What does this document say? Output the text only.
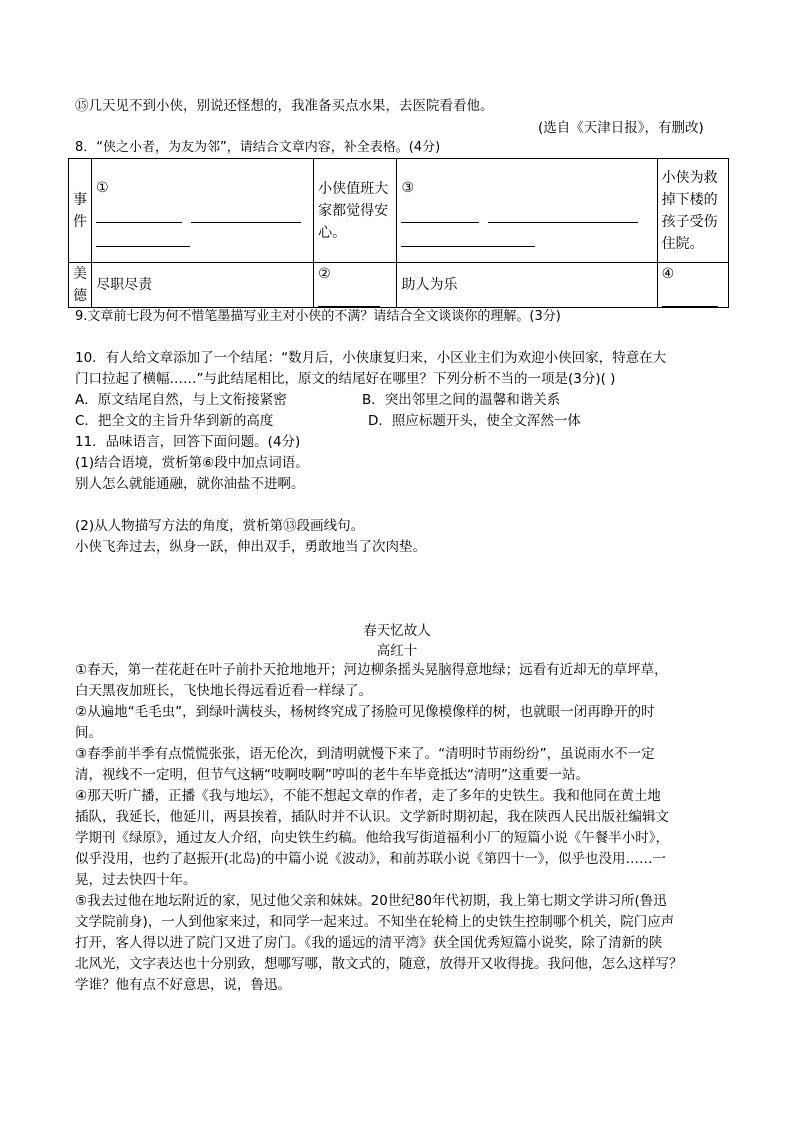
⑮几天见不到小侠，别说还怪想的，我准备买点水果，去医院看看他。
(选自《天津日报》，有删改)
8．“侠之小者，为友为邻”，请结合文章内容，补全表格。(4分)
事件	①	小侠值班大家都觉得安心。	③	小侠为救掉下楼的孩子受伤住院。
美德	尽职尽责	②	助人为乐	④
9.文章前七段为何不惜笔墨描写业主对小侠的不满？请结合全文谈谈你的理解。(3分)
10．有人给文章添加了一个结尾：“数月后，小侠康复归来，小区业主们为欢迎小侠回家，特意在大
门口拉起了横幅……”与此结尾相比，原文的结尾好在哪里？下列分析不当的一项是(3分)( )
A．原文结尾自然，与上文衔接紧密	B．突出邻里之间的温馨和谐关系
C．把全文的主旨升华到新的高度	D．照应标题开头，使全文浑然一体
11．品味语言，回答下面问题。(4分)
(1)结合语境，赏析第⑥段中加点词语。
别人怎么就能通融，就你油盐不进啊。
(2)从人物描写方法的角度，赏析第⑬段画线句。
小侠飞奔过去，纵身一跃，伸出双手，勇敢地当了次肉垫。
春天忆故人
高红十
①春天，第一茬花赶在叶子前扑天抢地地开；河边柳条摇头晃脑得意地绿；远看有近却无的草坪草，
白天黑夜加班长，飞快地长得远看近看一样绿了。
②从遍地“毛毛虫”，到绿叶满枝头，杨树终究成了扬脸可见像模像样的树，也就眼一闭再睁开的时
间。
③春季前半季有点慌慌张张，语无伦次，到清明就慢下来了。“清明时节雨纷纷”，虽说雨水不一定
清，视线不一定明，但节气这辆“吱啊吱啊”哼叫的老牛车毕竟抵达“清明”这重要一站。
④那天听广播，正播《我与地坛》，不能不想起文章的作者，走了多年的史铁生。我和他同在黄土地
插队，我延长，他延川，两县挨着，插队时并不认识。文学新时期初起，我在陕西人民出版社编辑文
学期刊《绿原》，通过友人介绍，向史铁生约稿。他给我写街道福利小厂的短篇小说《午餐半小时》，
似乎没用，也约了赵振开(北岛)的中篇小说《波动》，和前苏联小说《第四十一》，似乎也没用……一
晃，过去快四十年。
⑤我去过他在地坛附近的家，见过他父亲和妹妹。20世纪80年代初期，我上第七期文学讲习所(鲁迅
文学院前身)，一人到他家来过，和同学一起来过。不知坐在轮椅上的史铁生控制哪个机关，院门应声
打开，客人得以进了院门又进了房门。《我的遥远的清平湾》获全国优秀短篇小说奖，除了清新的陕
北风光，文字表达也十分别致，想哪写哪，散文式的，随意，放得开又收得拢。我问他，怎么这样写？
学谁？他有点不好意思，说，鲁迅。
